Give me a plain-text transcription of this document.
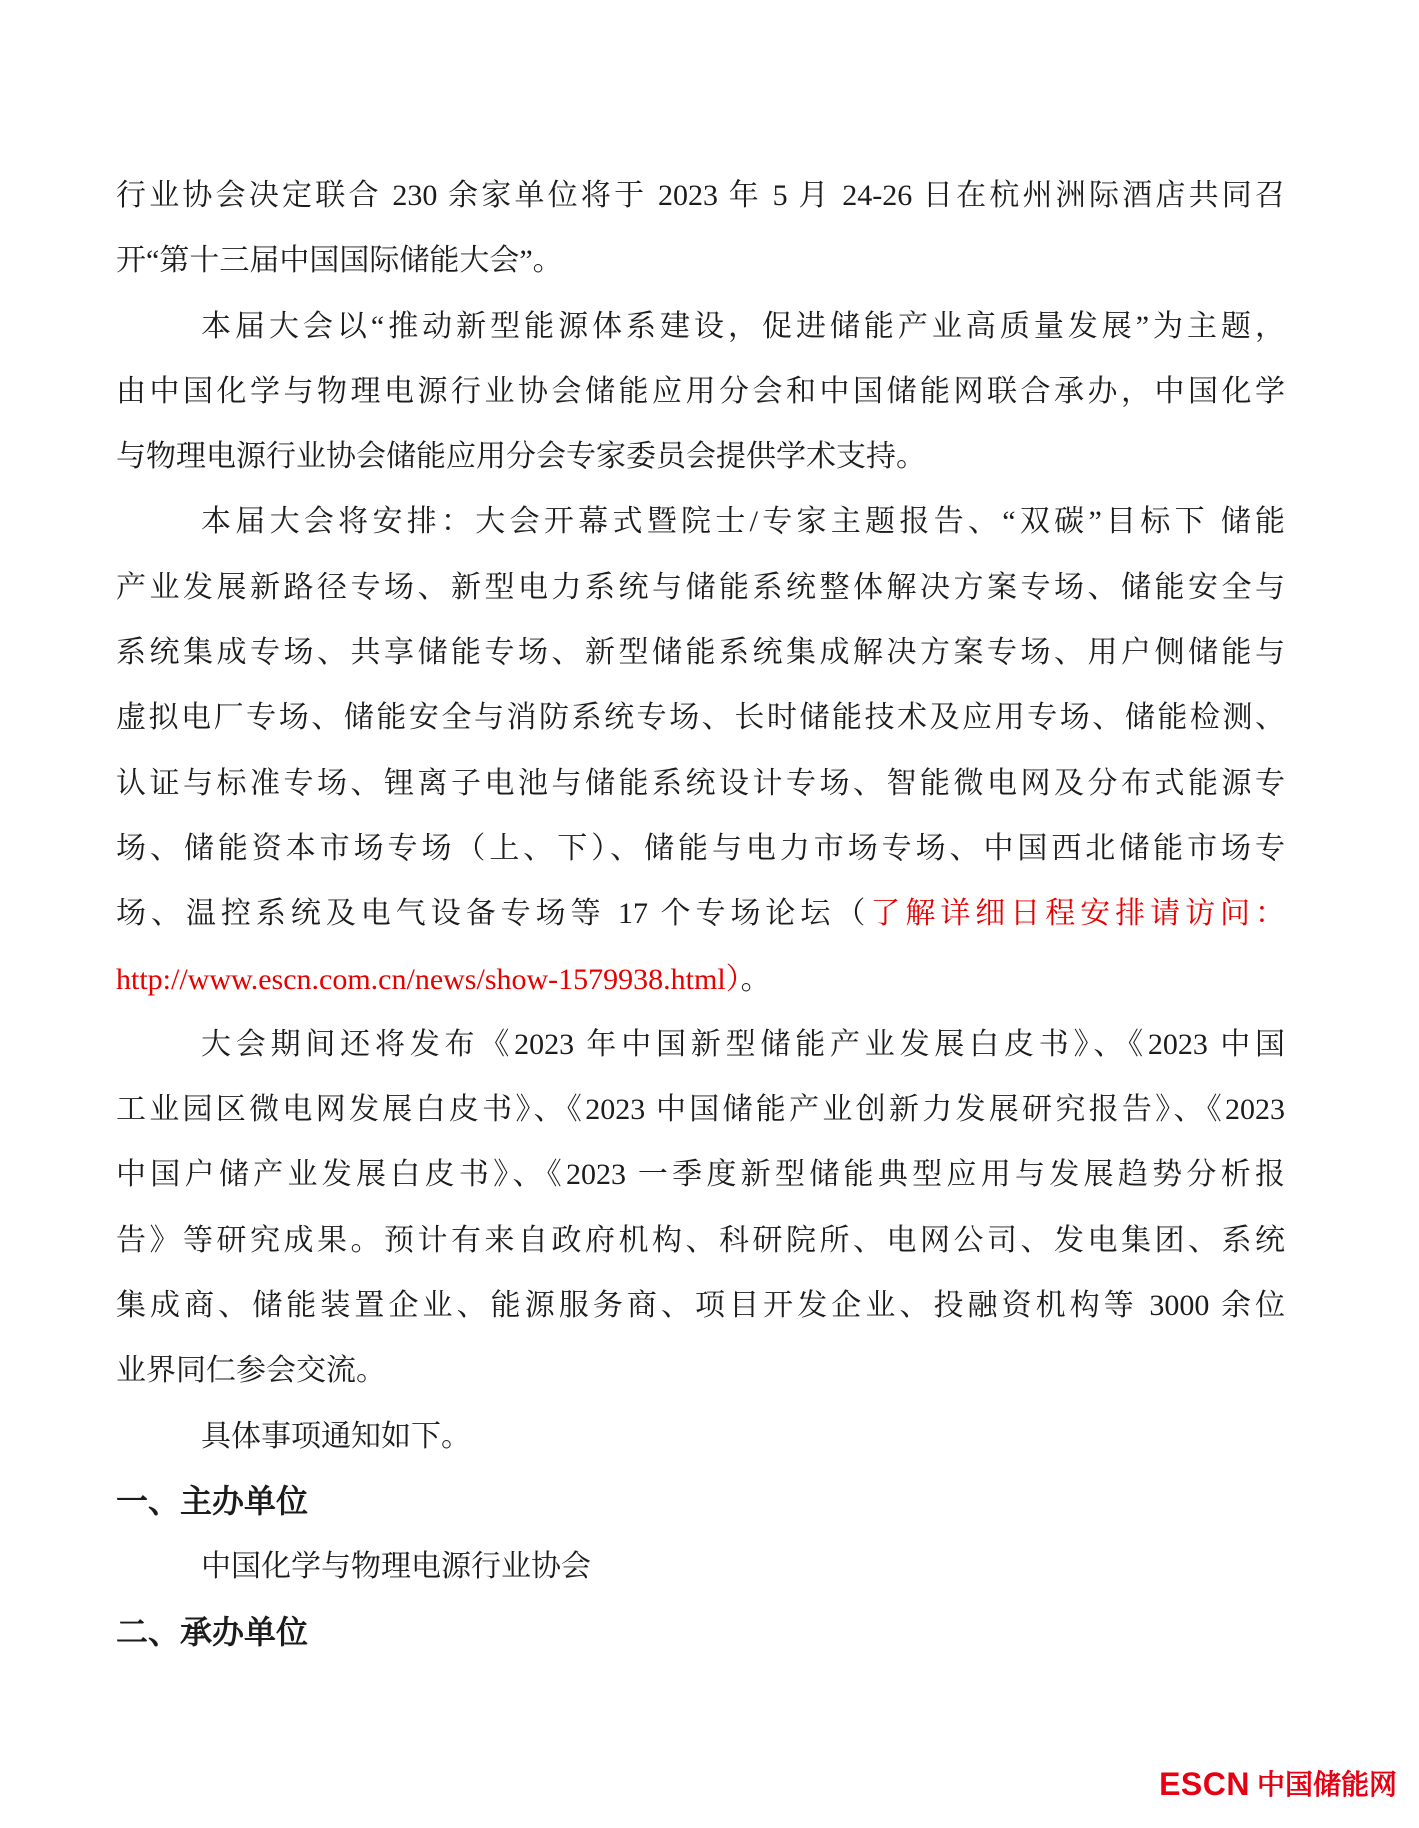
行业协会决定联合 230 余家单位将于 2023 年 5 月 24-26 日在杭州洲际酒店共同召
开“第十三届中国国际储能大会”。
本届大会以“推动新型能源体系建设，促进储能产业高质量发展”为主题，
由中国化学与物理电源行业协会储能应用分会和中国储能网联合承办，中国化学
与物理电源行业协会储能应用分会专家委员会提供学术支持。
本届大会将安排：大会开幕式暨院士/专家主题报告、“双碳”目标下 储能
产业发展新路径专场、新型电力系统与储能系统整体解决方案专场、储能安全与
系统集成专场、共享储能专场、新型储能系统集成解决方案专场、用户侧储能与
虚拟电厂专场、储能安全与消防系统专场、长时储能技术及应用专场、储能检测、
认证与标准专场、锂离子电池与储能系统设计专场、智能微电网及分布式能源专
场、储能资本市场专场（上、下）、储能与电力市场专场、中国西北储能市场专
场、温控系统及电气设备专场等 17 个专场论坛（了解详细日程安排请访问：
http://www.escn.com.cn/news/show-1579938.html）。
大会期间还将发布《2023 年中国新型储能产业发展白皮书》、《2023 中国
工业园区微电网发展白皮书》、《2023 中国储能产业创新力发展研究报告》、《2023
中国户储产业发展白皮书》、《2023 一季度新型储能典型应用与发展趋势分析报
告》等研究成果。预计有来自政府机构、科研院所、电网公司、发电集团、系统
集成商、储能装置企业、能源服务商、项目开发企业、投融资机构等 3000 余位
业界同仁参会交流。
具体事项通知如下。
一、主办单位
中国化学与物理电源行业协会
二、承办单位
ESCN 中国储能网
